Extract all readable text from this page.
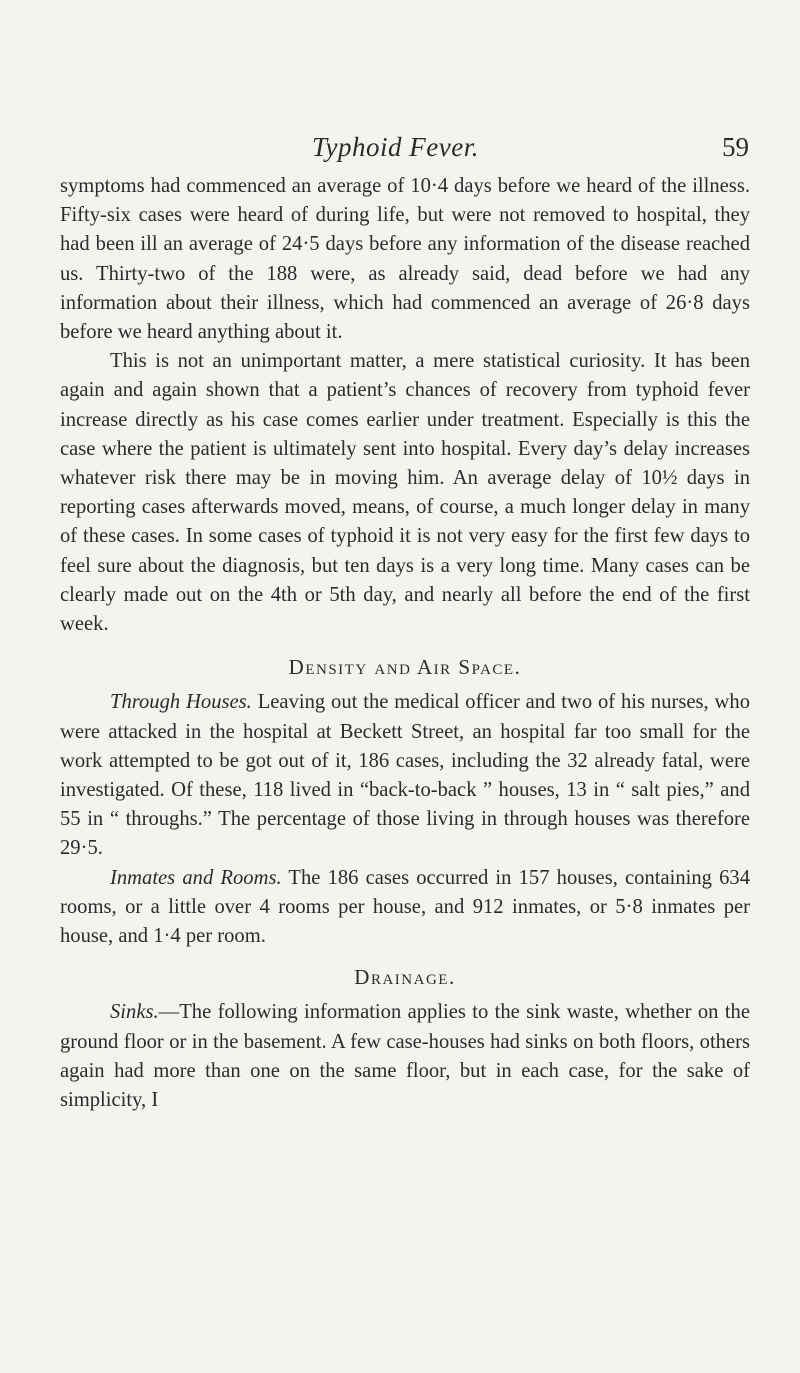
Typhoid Fever.	59

symptoms had commenced an average of 10·4 days before we heard of the illness. Fifty-six cases were heard of during life, but were not removed to hospital, they had been ill an average of 24·5 days before any information of the disease reached us. Thirty-two of the 188 were, as already said, dead before we had any information about their illness, which had commenced an average of 26·8 days before we heard anything about it.

This is not an unimportant matter, a mere statistical curiosity. It has been again and again shown that a patient’s chances of recovery from typhoid fever increase directly as his case comes earlier under treatment. Especially is this the case where the patient is ultimately sent into hospital. Every day’s delay increases whatever risk there may be in moving him. An average delay of 10½ days in reporting cases afterwards moved, means, of course, a much longer delay in many of these cases. In some cases of typhoid it is not very easy for the first few days to feel sure about the diagnosis, but ten days is a very long time. Many cases can be clearly made out on the 4th or 5th day, and nearly all before the end of the first week.

Density and Air Space.

Through Houses. Leaving out the medical officer and two of his nurses, who were attacked in the hospital at Beckett Street, an hospital far too small for the work attempted to be got out of it, 186 cases, including the 32 already fatal, were investigated. Of these, 118 lived in “back-to-back ” houses, 13 in “ salt pies,” and 55 in “ throughs.” The percentage of those living in through houses was therefore 29·5.

Inmates and Rooms. The 186 cases occurred in 157 houses, containing 634 rooms, or a little over 4 rooms per house, and 912 inmates, or 5·8 inmates per house, and 1·4 per room.

Drainage.

Sinks.—The following information applies to the sink waste, whether on the ground floor or in the basement. A few case-houses had sinks on both floors, others again had more than one on the same floor, but in each case, for the sake of simplicity, I
